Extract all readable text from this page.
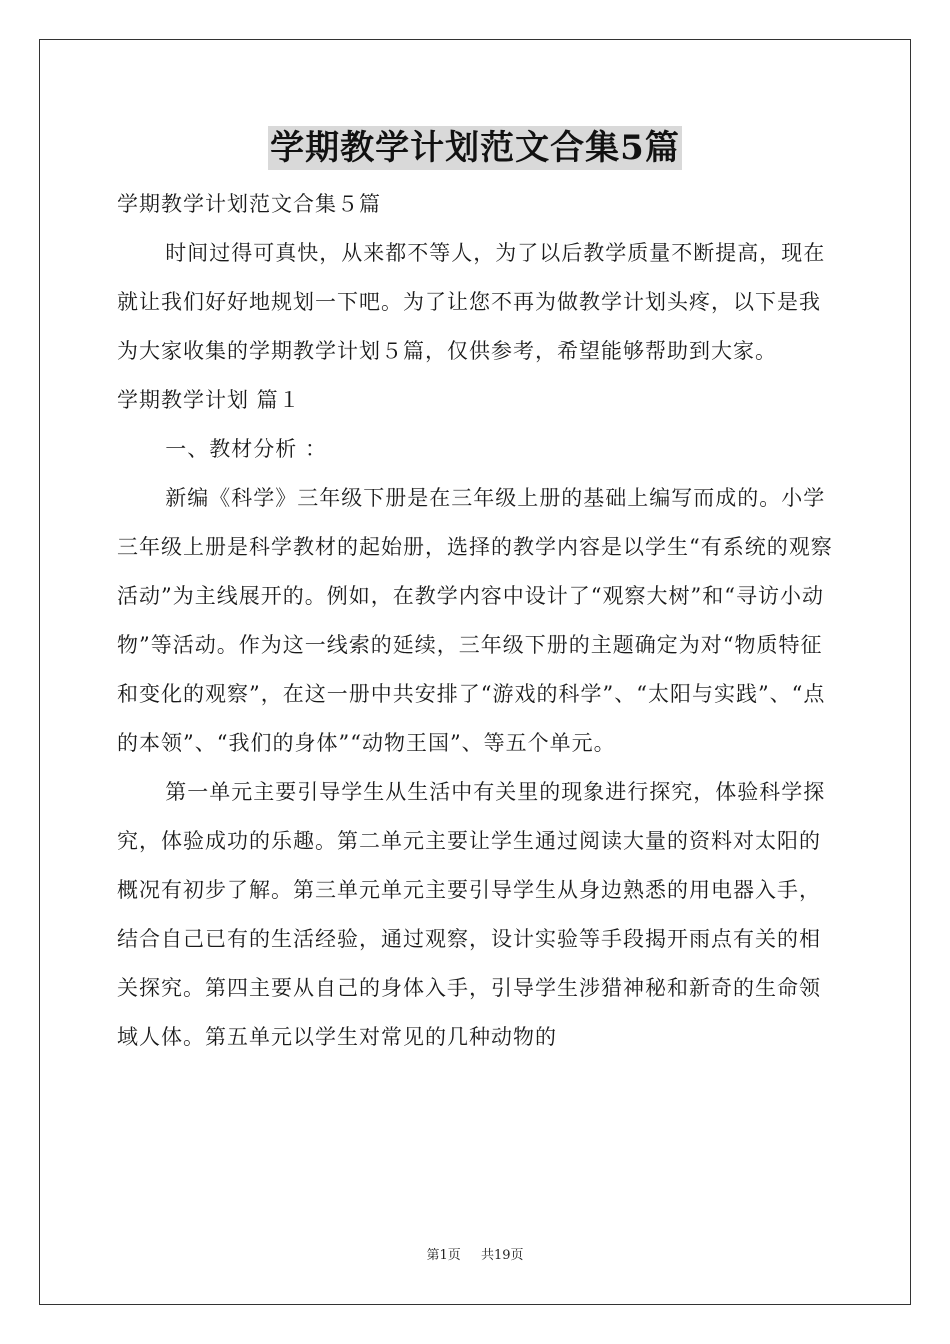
学期教学计划范文合集5篇

学期教学计划范文合集５篇

时间过得可真快，从来都不等人，为了以后教学质量不断提高，现在就让我们好好地规划一下吧。为了让您不再为做教学计划头疼，以下是我为大家收集的学期教学计划５篇，仅供参考，希望能够帮助到大家。

学期教学计划 篇１

一、教材分析 ：

新编《科学》三年级下册是在三年级上册的基础上编写而成的。小学三年级上册是科学教材的起始册，选择的教学内容是以学生“有系统的观察活动”为主线展开的。例如，在教学内容中设计了“观察大树”和“寻访小动物”等活动。作为这一线索的延续，三年级下册的主题确定为对“物质特征和变化的观察”，在这一册中共安排了“游戏的科学”、“太阳与实践”、“点的本领”、“我们的身体”“动物王国”、等五个单元。

第一单元主要引导学生从生活中有关里的现象进行探究，体验科学探究，体验成功的乐趣。第二单元主要让学生通过阅读大量的资料对太阳的概况有初步了解。第三单元单元主要引导学生从身边熟悉的用电器入手，结合自己已有的生活经验，通过观察，设计实验等手段揭开雨点有关的相关探究。第四主要从自己的身体入手，引导学生涉猎神秘和新奇的生命领域人体。第五单元以学生对常见的几种动物的

第1页 共19页
